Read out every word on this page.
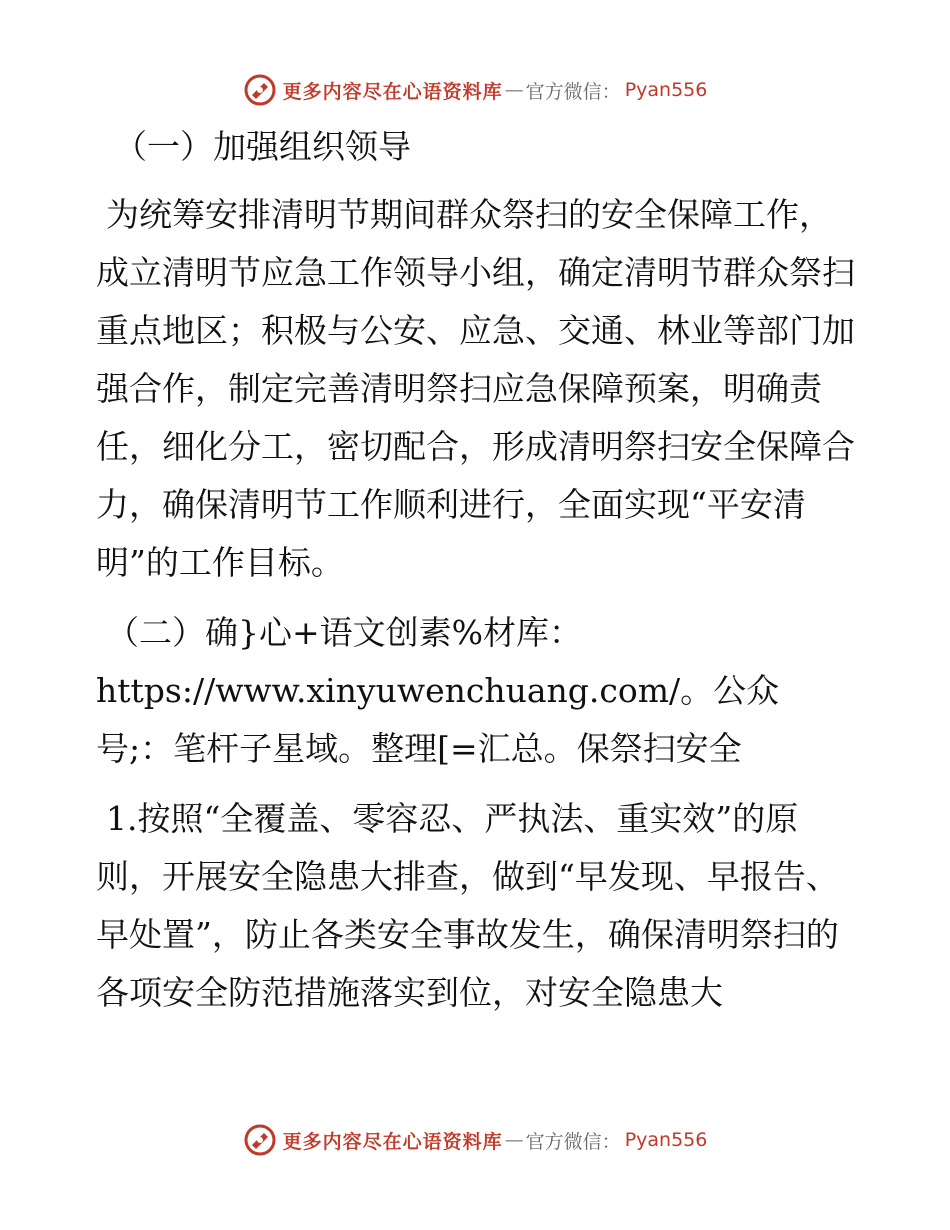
更多内容尽在心语资料库 — 官方微信： Pyan556
（一）加强组织领导
为统筹安排清明节期间群众祭扫的安全保障工作，成立清明节应急工作领导小组，确定清明节群众祭扫重点地区；积极与公安、应急、交通、林业等部门加强合作，制定完善清明祭扫应急保障预案，明确责任，细化分工，密切配合，形成清明祭扫安全保障合力，确保清明节工作顺利进行，全面实现“平安清明”的工作目标。
（二）确}心+语文创素%材库：https://www.xinyuwenchuang.com/。公众号;：笔杆子星域。整理[=汇总。保祭扫安全
1.按照“全覆盖、零容忍、严执法、重实效”的原则，开展安全隐患大排查，做到“早发现、早报告、早处置”，防止各类安全事故发生，确保清明祭扫的各项安全防范措施落实到位，对安全隐患大
更多内容尽在心语资料库 — 官方微信： Pyan556
